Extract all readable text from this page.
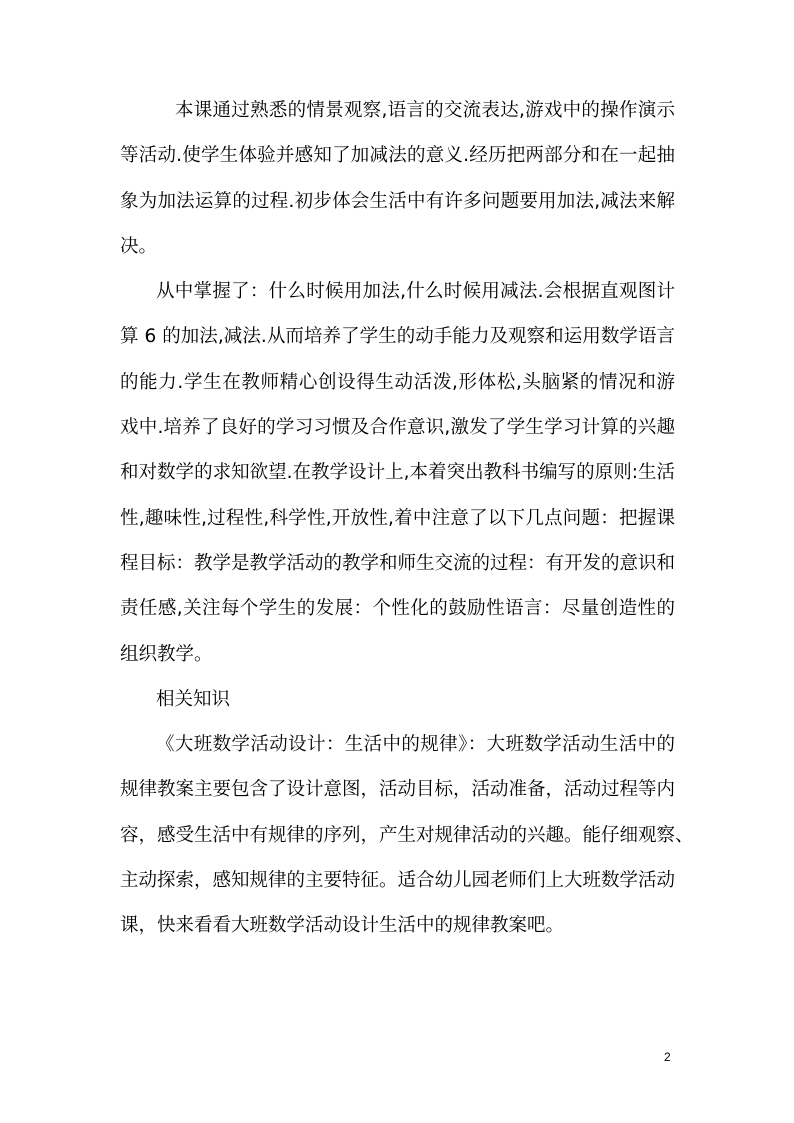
本课通过熟悉的情景观察,语言的交流表达,游戏中的操作演示
等活动.使学生体验并感知了加减法的意义.经历把两部分和在一起抽
象为加法运算的过程.初步体会生活中有许多问题要用加法,减法来解
决。

从中掌握了：什么时候用加法,什么时候用减法.会根据直观图计
算 6 的加法,减法.从而培养了学生的动手能力及观察和运用数学语言
的能力.学生在教师精心创设得生动活泼,形体松,头脑紧的情况和游
戏中.培养了良好的学习习惯及合作意识,激发了学生学习计算的兴趣
和对数学的求知欲望.在教学设计上,本着突出教科书编写的原则:生活
性,趣味性,过程性,科学性,开放性,着中注意了以下几点问题：把握课
程目标：教学是教学活动的教学和师生交流的过程：有开发的意识和
责任感,关注每个学生的发展：个性化的鼓励性语言：尽量创造性的
组织教学。

相关知识

《大班数学活动设计：生活中的规律》：大班数学活动生活中的
规律教案主要包含了设计意图，活动目标，活动准备，活动过程等内
容，感受生活中有规律的序列，产生对规律活动的兴趣。能仔细观察、
主动探索，感知规律的主要特征。适合幼儿园老师们上大班数学活动
课，快来看看大班数学活动设计生活中的规律教案吧。

2
